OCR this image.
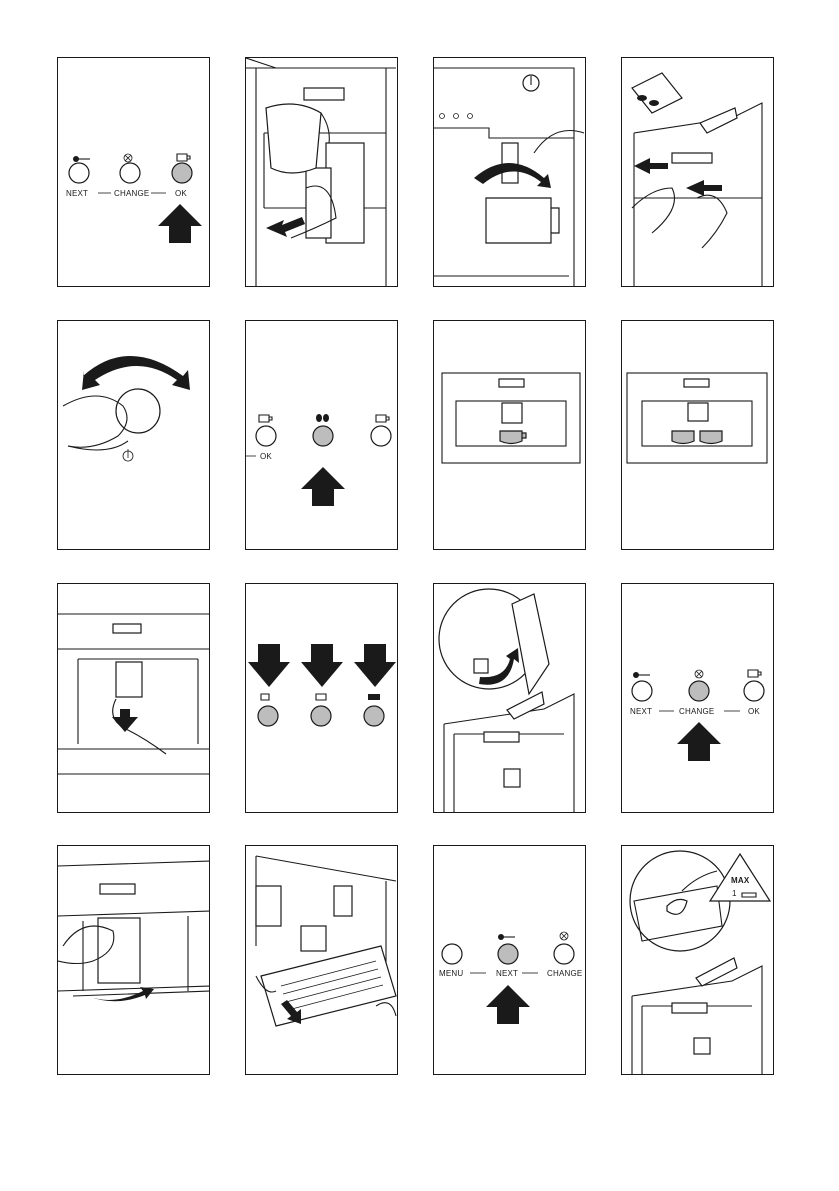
NEXT	CHANGE	OK
OK
NEXT	CHANGE	OK
MENU	NEXT	CHANGE
MAX
1
